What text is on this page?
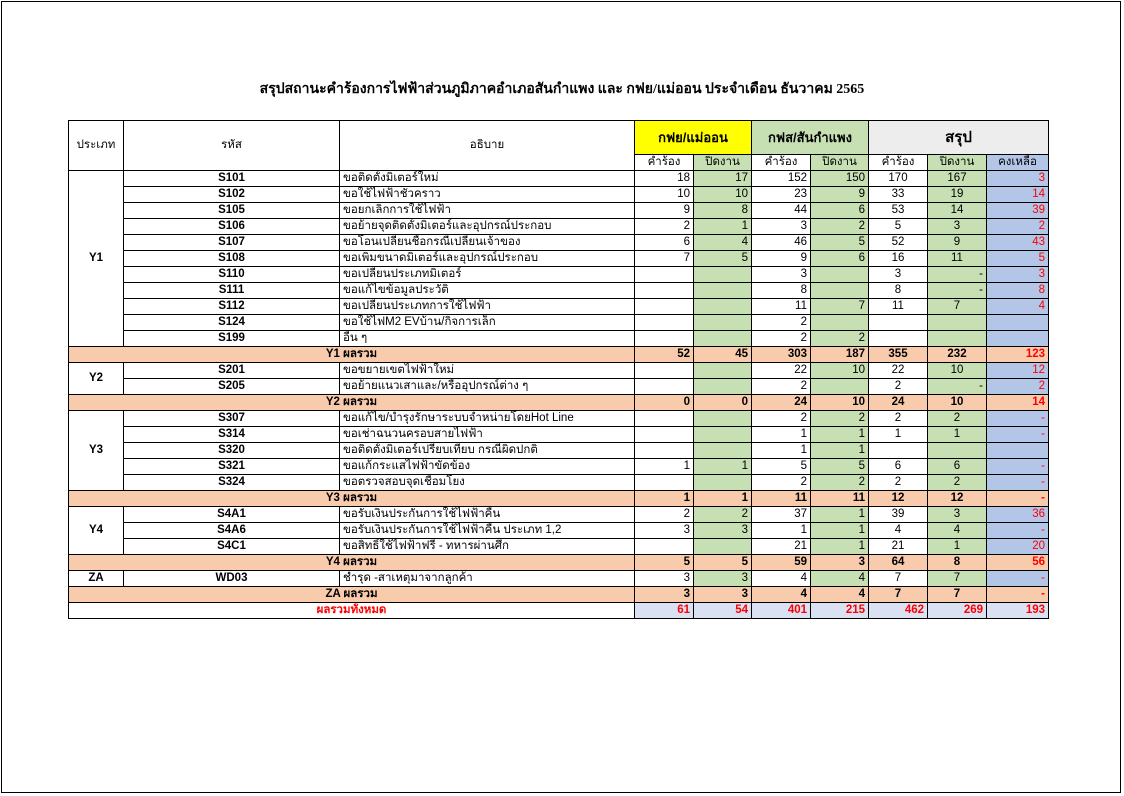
สรุปสถานะคำร้องการไฟฟ้าส่วนภูมิภาคอำเภอสันกำแพง และ กฟย/แม่ออน ประจำเดือน ธันวาคม 2565
ประเภท	รหัส	อธิบาย	กฟย/แม่ออน		กฟส/สันกำแพง		สรุป		
			คำร้อง	ปิดงาน	คำร้อง	ปิดงาน	คำร้อง	ปิดงาน	คงเหลือ
Y1	S101	ขอติดตั้งมิเตอร์ใหม่	18	17	152	150	170	167	3
	S102	ขอใช้ไฟฟ้าชั่วคราว	10	10	23	9	33	19	14
	S105	ขอยกเลิกการใช้ไฟฟ้า	9	8	44	6	53	14	39
	S106	ขอย้ายจุดติดตั้งมิเตอร์และอุปกรณ์ประกอบ	2	1	3	2	5	3	2
	S107	ขอโอนเปลี่ยนชื่อกรณีเปลี่ยนเจ้าของ	6	4	46	5	52	9	43
	S108	ขอเพิ่มขนาดมิเตอร์และอุปกรณ์ประกอบ	7	5	9	6	16	11	5
	S110	ขอเปลี่ยนประเภทมิเตอร์			3		3	-	3
	S111	ขอแก้ไขข้อมูลประวัติ			8		8	-	8
	S112	ขอเปลี่ยนประเภทการใช้ไฟฟ้า			11	7	11	7	4
	S124	ขอใช้ไฟM2 EVบ้าน/กิจการเล็ก			2				
	S199	อื่น ๆ			2	2			
Y1 ผลรวม			52	45	303	187	355	232	123
Y2	S201	ขอขยายเขตไฟฟ้าใหม่			22	10	22	10	12
	S205	ขอย้ายแนวเสาและ/หรืออุปกรณ์ต่าง ๆ			2		2	-	2
Y2 ผลรวม			0	0	24	10	24	10	14
Y3	S307	ขอแก้ไข/บำรุงรักษาระบบจำหน่ายโดยHot Line			2	2	2	2	-
	S314	ขอเช่าฉนวนครอบสายไฟฟ้า			1	1	1	1	-
	S320	ขอติดตั้งมิเตอร์เปรียบเทียบ กรณีผิดปกติ			1	1			
	S321	ขอแก้กระแสไฟฟ้าขัดข้อง	1	1	5	5	6	6	-
	S324	ขอตรวจสอบจุดเชื่อมโยง			2	2	2	2	-
Y3 ผลรวม			1	1	11	11	12	12	-
Y4	S4A1	ขอรับเงินประกันการใช้ไฟฟ้าคืน	2	2	37	1	39	3	36
	S4A6	ขอรับเงินประกันการใช้ไฟฟ้าคืน ประเภท 1,2	3	3	1	1	4	4	-
	S4C1	ขอสิทธิ์ใช้ไฟฟ้าฟรี - ทหารผ่านศึก			21	1	21	1	20
Y4 ผลรวม			5	5	59	3	64	8	56
ZA	WD03	ชำรุด -สาเหตุมาจากลูกค้า	3	3	4	4	7	7	-
ZA ผลรวม			3	3	4	4	7	7	-
ผลรวมทั้งหมด			61	54	401	215	462	269	193
